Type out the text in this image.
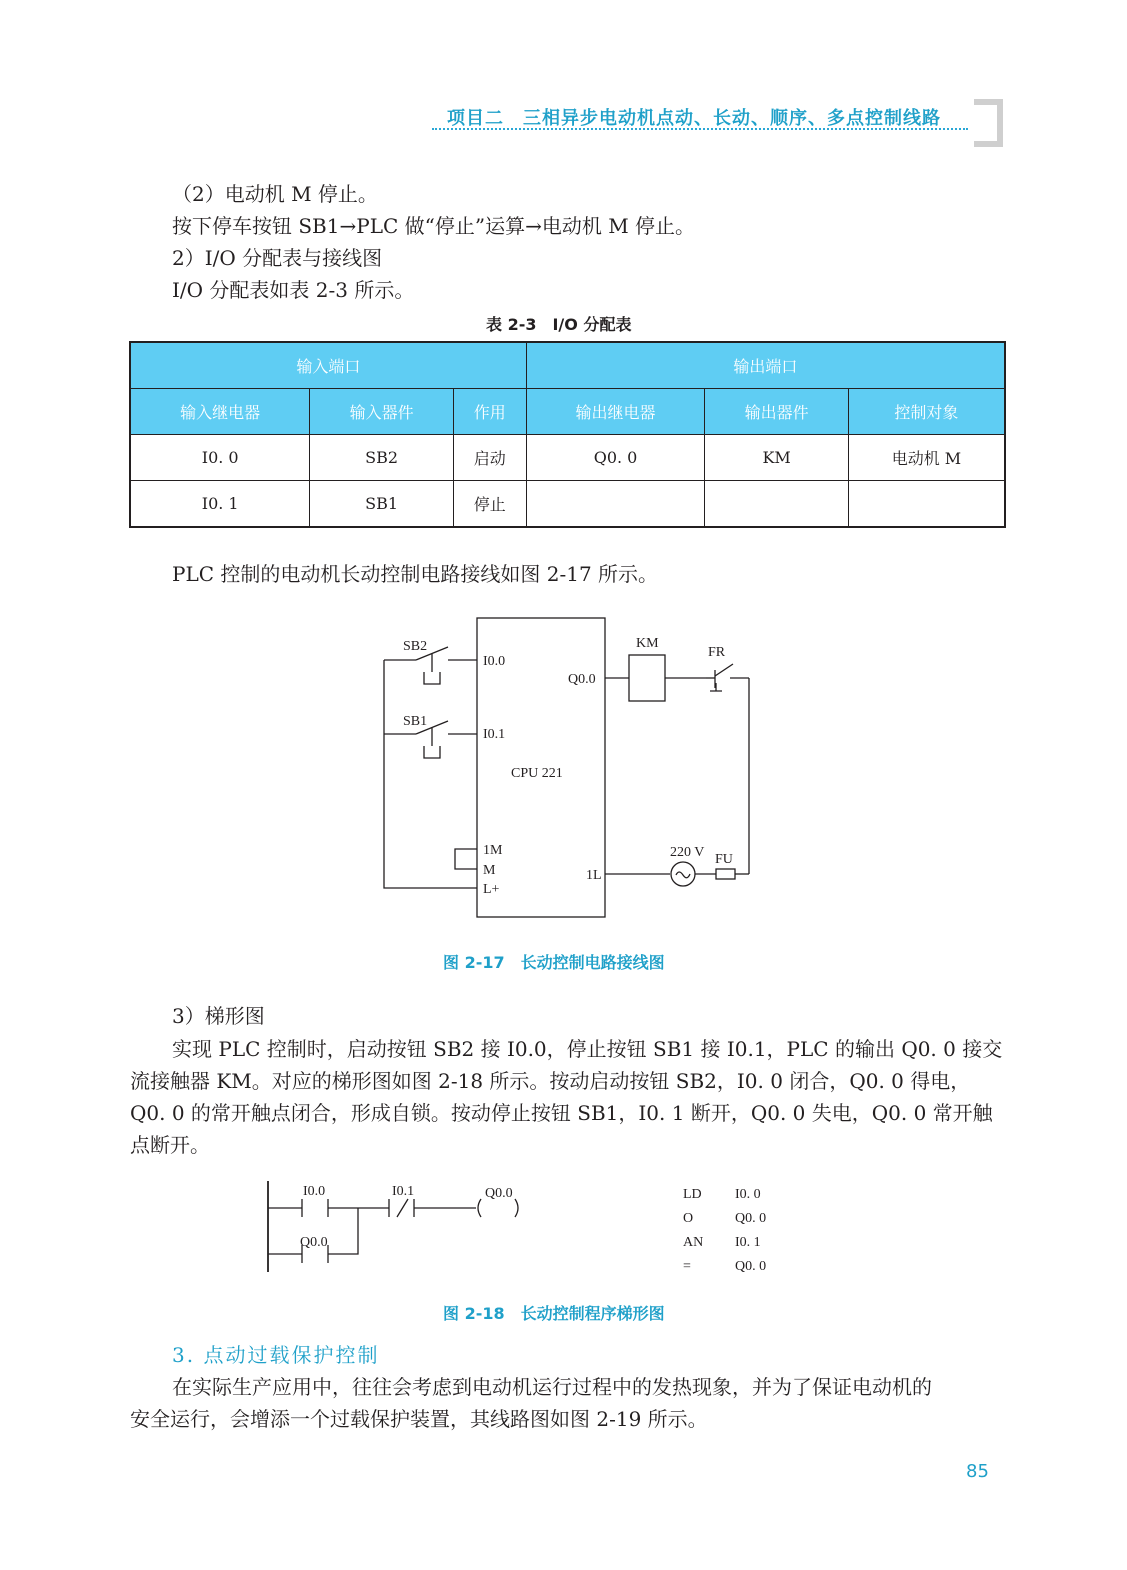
项目二　三相异步电动机点动、长动、顺序、多点控制线路
（2）电动机 M 停止。
按下停车按钮 SB1→PLC 做“停止”运算→电动机 M 停止。
2）I/O 分配表与接线图
I/O 分配表如表 2-3 所示。
表 2-3　I/O 分配表
输入端口			输出端口		
输入继电器	输入器件	作用	输出继电器	输出器件	控制对象
I0. 0	SB2	启动	Q0. 0	KM	电动机 M
I0. 1	SB1	停止			
PLC 控制的电动机长动控制电路接线如图 2-17 所示。
SB2
SB1
I0.0
I0.1
Q0.0
CPU 221
KM
FR
1M
M
L+
1L
220 V FU
I0.0	I0.1	Q0.0
Q0.0
LD I0. 0
O	Q0. 0
AN I0. 1
=	Q0. 0
图 2-17　长动控制电路接线图
3）梯形图
实现 PLC 控制时，启动按钮 SB2 接 I0.0，停止按钮 SB1 接 I0.1，PLC 的输出 Q0. 0 接交
流接触器 KM。对应的梯形图如图 2-18 所示。按动启动按钮 SB2，I0. 0 闭合，Q0. 0 得电，
Q0. 0 的常开触点闭合，形成自锁。按动停止按钮 SB1，I0. 1 断开，Q0. 0 失电，Q0. 0 常开触
点断开。
图 2-18　长动控制程序梯形图
3. 点动过载保护控制
在实际生产应用中，往往会考虑到电动机运行过程中的发热现象，并为了保证电动机的
安全运行，会增添一个过载保护装置，其线路图如图 2-19 所示。
85
